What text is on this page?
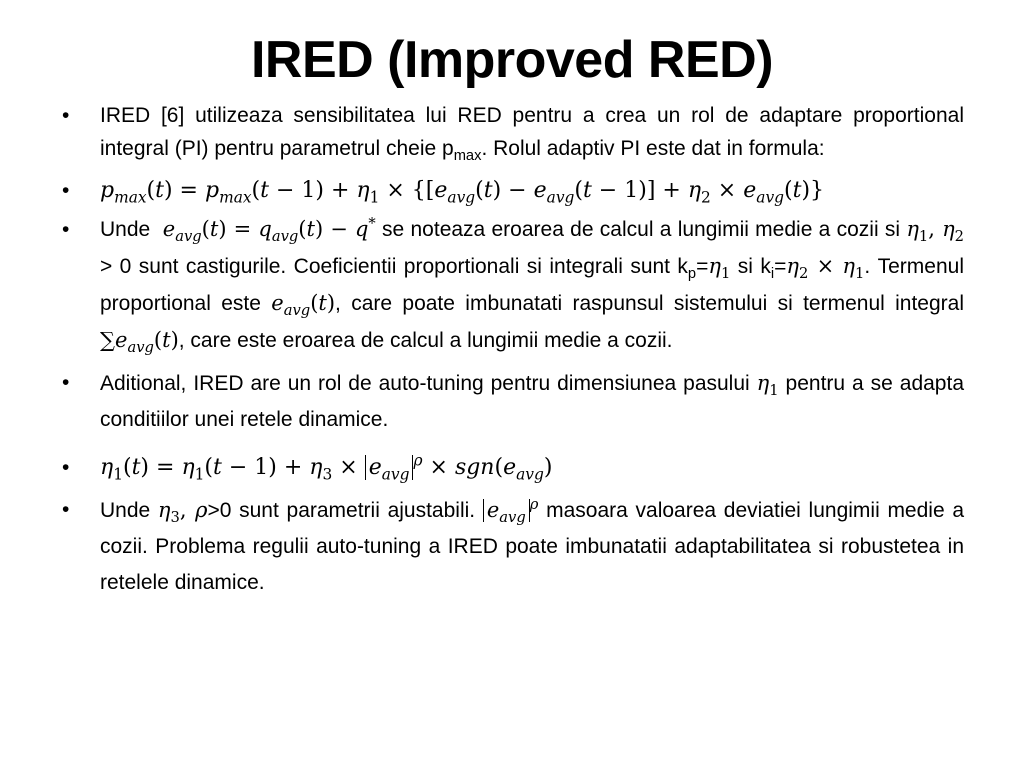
IRED (Improved RED)
• IRED [6] utilizeaza sensibilitatea lui RED pentru a crea un rol de adaptare proportional integral (PI) pentru parametrul cheie $p_{max}$. Rolul adaptiv PI este dat in formula:
• $p_{max}(t) = p_{max}(t - 1) + \eta_1 \times \{[e_{avg}(t) - e_{avg}(t - 1)] + \eta_2 \times e_{avg}(t)\}$
• Unde $e_{avg}(t) = q_{avg}(t) - q^*$ se noteaza eroarea de calcul a lungimii medie a cozii si $\eta_1$, $\eta_2 > 0$ sunt castigurile. Coeficientii proportionali si integrali sunt $k_p=\eta_1$ si $k_i=\eta_2 \times \eta_1$. Termenul proportional este $e_{avg}(t)$, care poate imbunatati raspunsul sistemului si termenul integral $\sum e_{avg}(t)$, care este eroarea de calcul a lungimii medie a cozii.
• Aditional, IRED are un rol de auto-tuning pentru dimensiunea pasului $\eta_1$ pentru a se adapta conditiilor unei retele dinamice.
• $\eta_1(t) = \eta_1(t - 1) + \eta_3 \times e_{avg}^\rho \times sgn(e_{avg})$
• Unde $\eta_3$, ρ>0 sunt parametrii ajustabili. $e_{avg}^\rho$ masoara valoarea deviatiei lungimii medie a cozii. Problema regulii auto-tuning a IRED poate imbunatatii adaptabilitatea si robustetea in retelele dinamice.
